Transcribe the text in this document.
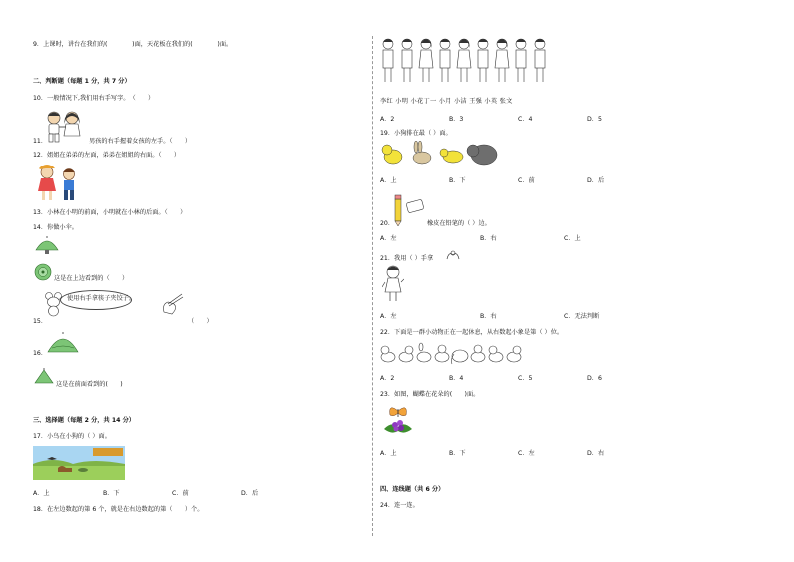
9．上课时，讲台在我们的(　　　　)面，天花板在我们的(　　　　)面。
二、判断题（每题 1 分，共 7 分）
10．一般情况下,我们用右手写字。　（　　）
11．	男孩的右手握着女孩的左手。（　　）
12．姐姐在弟弟的左面，弟弟在姐姐的右面。（　　）
13．小林在小明的前面，小明就在小林的后面。（　　）
14．你做小伞。
这是在上边看到的（　　）
使用右手拿筷子夹饺子。
15．	（　　）
16．
这是在前面看到的(　　)
三、选择题（每题 2 分，共 14 分）
17．小鸟在小狗的（ ）面。
A．上	B．下	C．前	D．后
18．在左边数起的第 6 个，就是在右边数起的第（　　）个。
李红 小明 小花丁一 小月 小洁 王强 小英 张文
A．2	B．3	C．4	D．5
19．小狗排在最（ ）面。
A．上	B．下	C．前	D．后
20．	橡皮在铅笔的（ ）边。
A．左	B．右	C．上
21．我用（ ）手拿
A．左	B．右	C．无法判断
22．下面是一群小动物正在一起休息，从右数起小象是第（ ）位。
A．2	B．4	C．5	D．6
23．如图，蝴蝶在花朵的(　　)面。
A．上	B．下	C．左	D．右
四、连线题（共 6 分）
24．连一连。
